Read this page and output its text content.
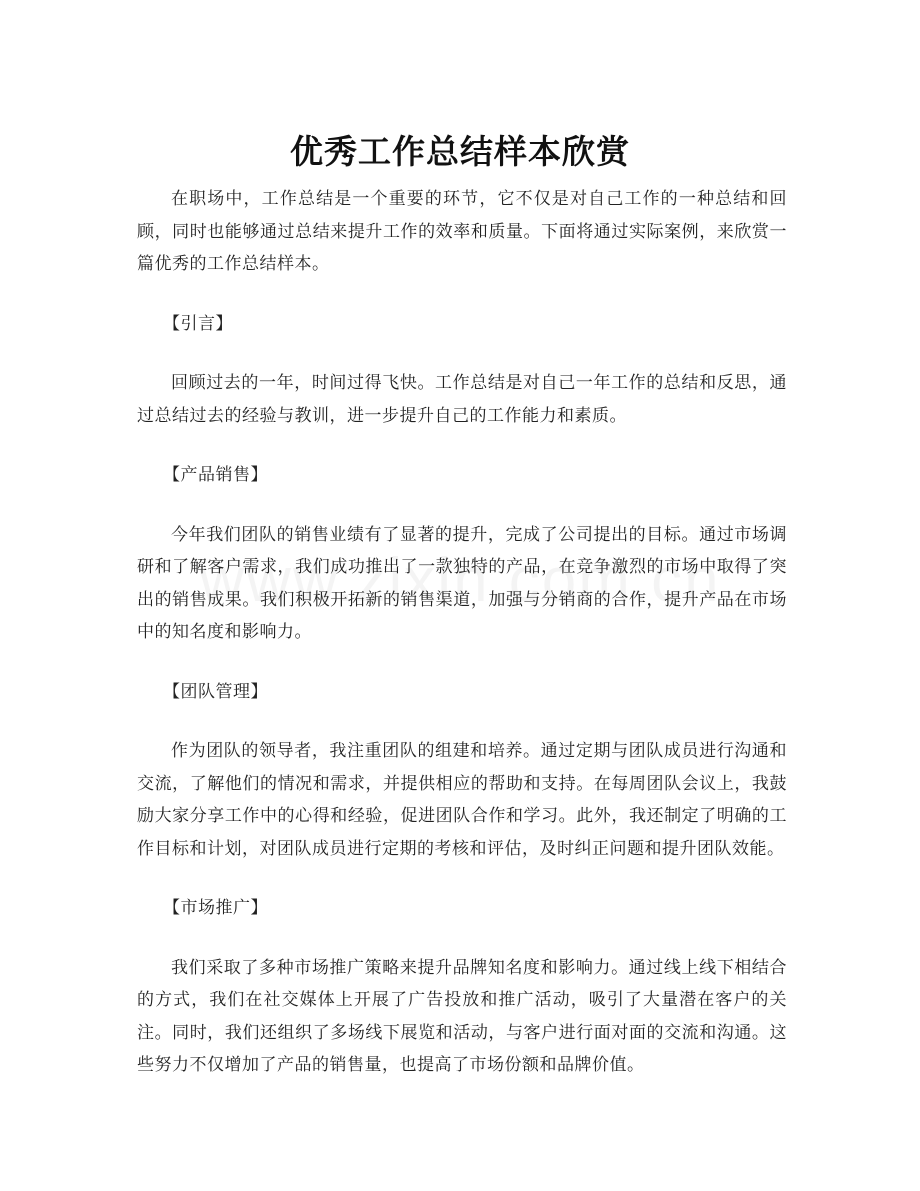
优秀工作总结样本欣赏

在职场中，工作总结是一个重要的环节，它不仅是对自己工作的一种总结和回顾，同时也能够通过总结来提升工作的效率和质量。下面将通过实际案例，来欣赏一篇优秀的工作总结样本。

【引言】

回顾过去的一年，时间过得飞快。工作总结是对自己一年工作的总结和反思，通过总结过去的经验与教训，进一步提升自己的工作能力和素质。

【产品销售】

今年我们团队的销售业绩有了显著的提升，完成了公司提出的目标。通过市场调研和了解客户需求，我们成功推出了一款独特的产品，在竞争激烈的市场中取得了突出的销售成果。我们积极开拓新的销售渠道，加强与分销商的合作，提升产品在市场中的知名度和影响力。

【团队管理】

作为团队的领导者，我注重团队的组建和培养。通过定期与团队成员进行沟通和交流，了解他们的情况和需求，并提供相应的帮助和支持。在每周团队会议上，我鼓励大家分享工作中的心得和经验，促进团队合作和学习。此外，我还制定了明确的工作目标和计划，对团队成员进行定期的考核和评估，及时纠正问题和提升团队效能。

【市场推广】

我们采取了多种市场推广策略来提升品牌知名度和影响力。通过线上线下相结合的方式，我们在社交媒体上开展了广告投放和推广活动，吸引了大量潜在客户的关注。同时，我们还组织了多场线下展览和活动，与客户进行面对面的交流和沟通。这些努力不仅增加了产品的销售量，也提高了市场份额和品牌价值。
